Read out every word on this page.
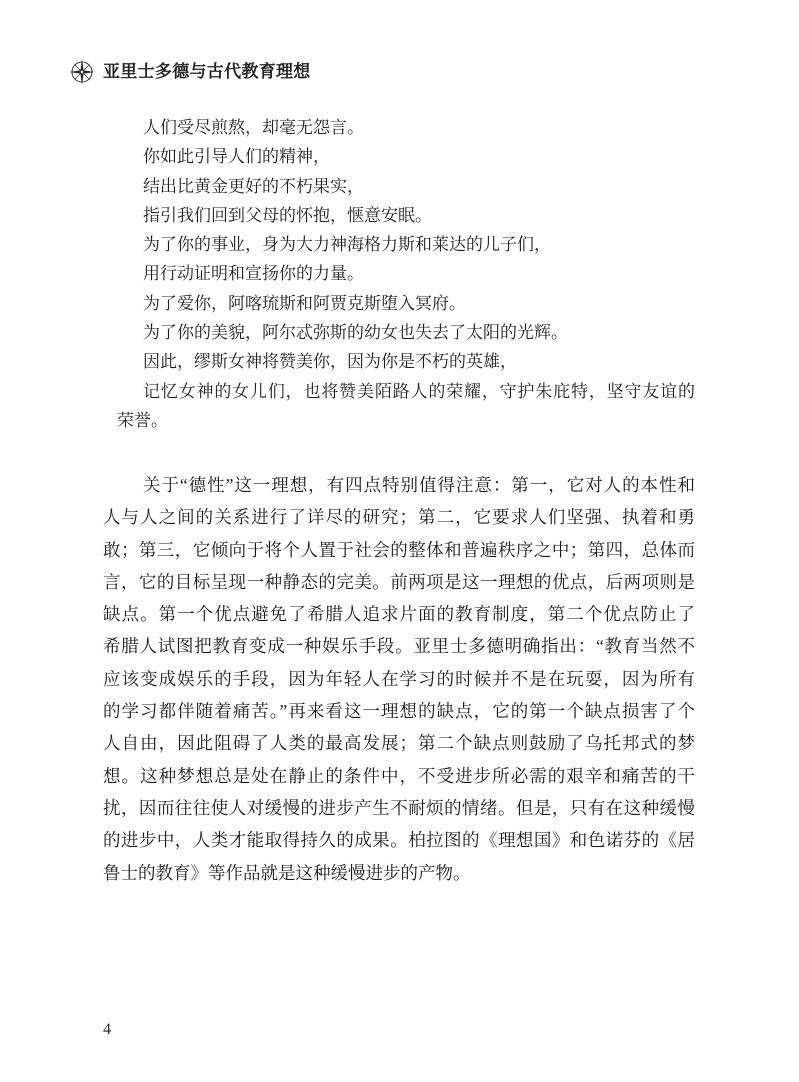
亚里士多德与古代教育理想
人们受尽煎熬，却毫无怨言。
你如此引导人们的精神，
结出比黄金更好的不朽果实，
指引我们回到父母的怀抱，惬意安眠。
为了你的事业，身为大力神海格力斯和莱达的儿子们，
用行动证明和宣扬你的力量。
为了爱你，阿喀琉斯和阿贾克斯堕入冥府。
为了你的美貌，阿尔忒弥斯的幼女也失去了太阳的光辉。
因此，缪斯女神将赞美你，因为你是不朽的英雄，
记忆女神的女儿们，也将赞美陌路人的荣耀，守护朱庇特，坚守友谊的
荣誉。
关于“德性”这一理想，有四点特别值得注意：第一，它对人的本性和
人与人之间的关系进行了详尽的研究；第二，它要求人们坚强、执着和勇
敢；第三，它倾向于将个人置于社会的整体和普遍秩序之中；第四，总体而
言，它的目标呈现一种静态的完美。前两项是这一理想的优点，后两项则是
缺点。第一个优点避免了希腊人追求片面的教育制度，第二个优点防止了
希腊人试图把教育变成一种娱乐手段。亚里士多德明确指出：“教育当然不
应该变成娱乐的手段，因为年轻人在学习的时候并不是在玩耍，因为所有
的学习都伴随着痛苦。”再来看这一理想的缺点，它的第一个缺点损害了个
人自由，因此阻碍了人类的最高发展；第二个缺点则鼓励了乌托邦式的梦
想。这种梦想总是处在静止的条件中，不受进步所必需的艰辛和痛苦的干
扰，因而往往使人对缓慢的进步产生不耐烦的情绪。但是，只有在这种缓慢
的进步中，人类才能取得持久的成果。柏拉图的《理想国》和色诺芬的《居
鲁士的教育》等作品就是这种缓慢进步的产物。
4
